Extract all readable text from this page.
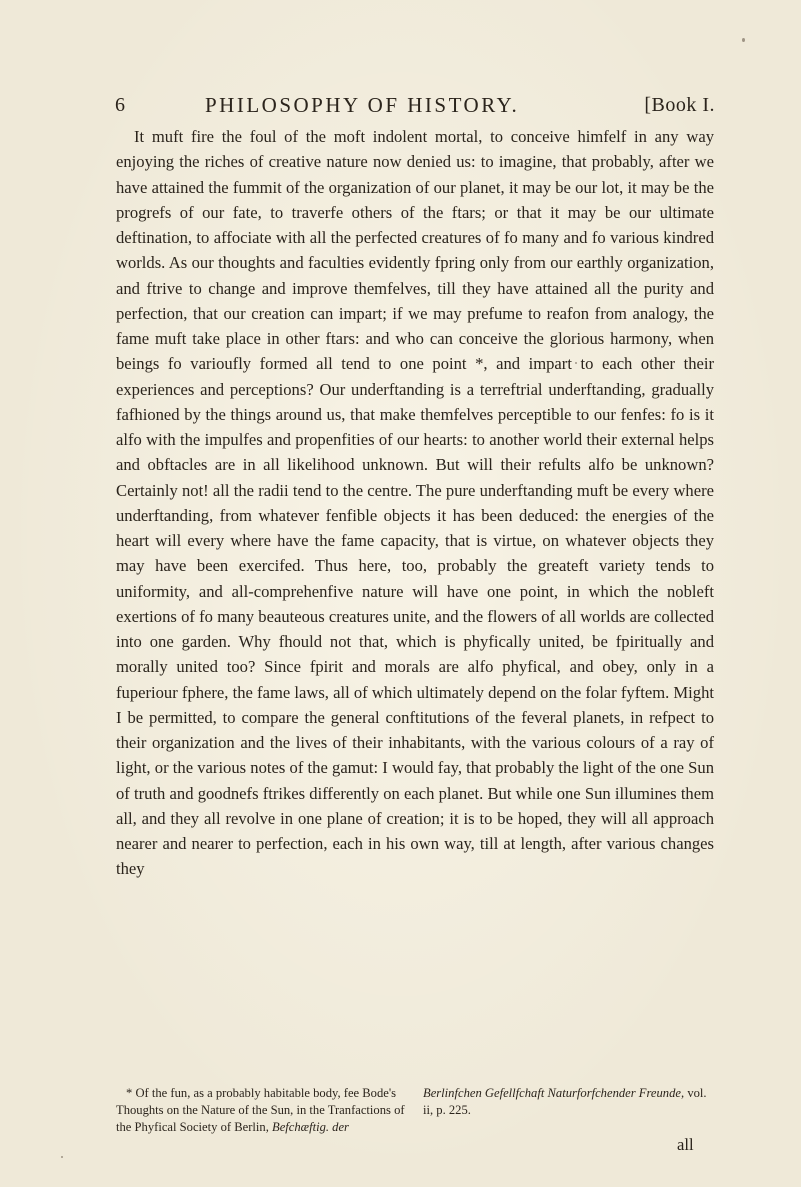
6	PHILOSOPHY OF HISTORY.	[Book I.

It muft fire the foul of the moft indolent mortal, to conceive himfelf in any way enjoying the riches of creative nature now denied us: to imagine, that probably, after we have attained the fummit of the organization of our planet, it may be our lot, it may be the progrefs of our fate, to traverfe others of the ftars; or that it may be our ultimate deftination, to affociate with all the perfected creatures of fo many and fo various kindred worlds. As our thoughts and faculties evidently fpring only from our earthly organization, and ftrive to change and improve themfelves, till they have attained all the purity and perfection, that our creation can impart; if we may prefume to reafon from analogy, the fame muft take place in other ftars: and who can conceive the glorious harmony, when beings fo varioufly formed all tend to one point *, and impart to each other their experiences and perceptions? Our underftanding is a terreftrial underftanding, gradually fafhioned by the things around us, that make themfelves perceptible to our fenfes: fo is it alfo with the impulfes and propenfities of our hearts: to another world their external helps and obftacles are in all likelihood unknown. But will their refults alfo be unknown? Certainly not! all the radii tend to the centre. The pure underftanding muft be every where underftanding, from whatever fenfible objects it has been deduced: the energies of the heart will every where have the fame capacity, that is virtue, on whatever objects they may have been exercifed. Thus here, too, probably the greateft variety tends to uniformity, and all-comprehenfive nature will have one point, in which the nobleft exertions of fo many beauteous creatures unite, and the flowers of all worlds are collected into one garden. Why fhould not that, which is phyfically united, be fpiritually and morally united too? Since fpirit and morals are alfo phyfical, and obey, only in a fuperiour fphere, the fame laws, all of which ultimately depend on the folar fyftem. Might I be permitted, to compare the general conftitutions of the feveral planets, in refpect to their organization and the lives of their inhabitants, with the various colours of a ray of light, or the various notes of the gamut: I would fay, that probably the light of the one Sun of truth and goodnefs ftrikes differently on each planet. But while one Sun illumines them all, and they all revolve in one plane of creation; it is to be hoped, they will all approach nearer and nearer to perfection, each in his own way, till at length, after various changes they

* Of the fun, as a probably habitable body, fee Bode's Thoughts on the Nature of the Sun, in the Tranfactions of the Phyfical Society of Berlin, Befchæftig. der Berlinfchen Gefellfchaft Naturforfchender Freunde, vol. ii, p. 225.

all
